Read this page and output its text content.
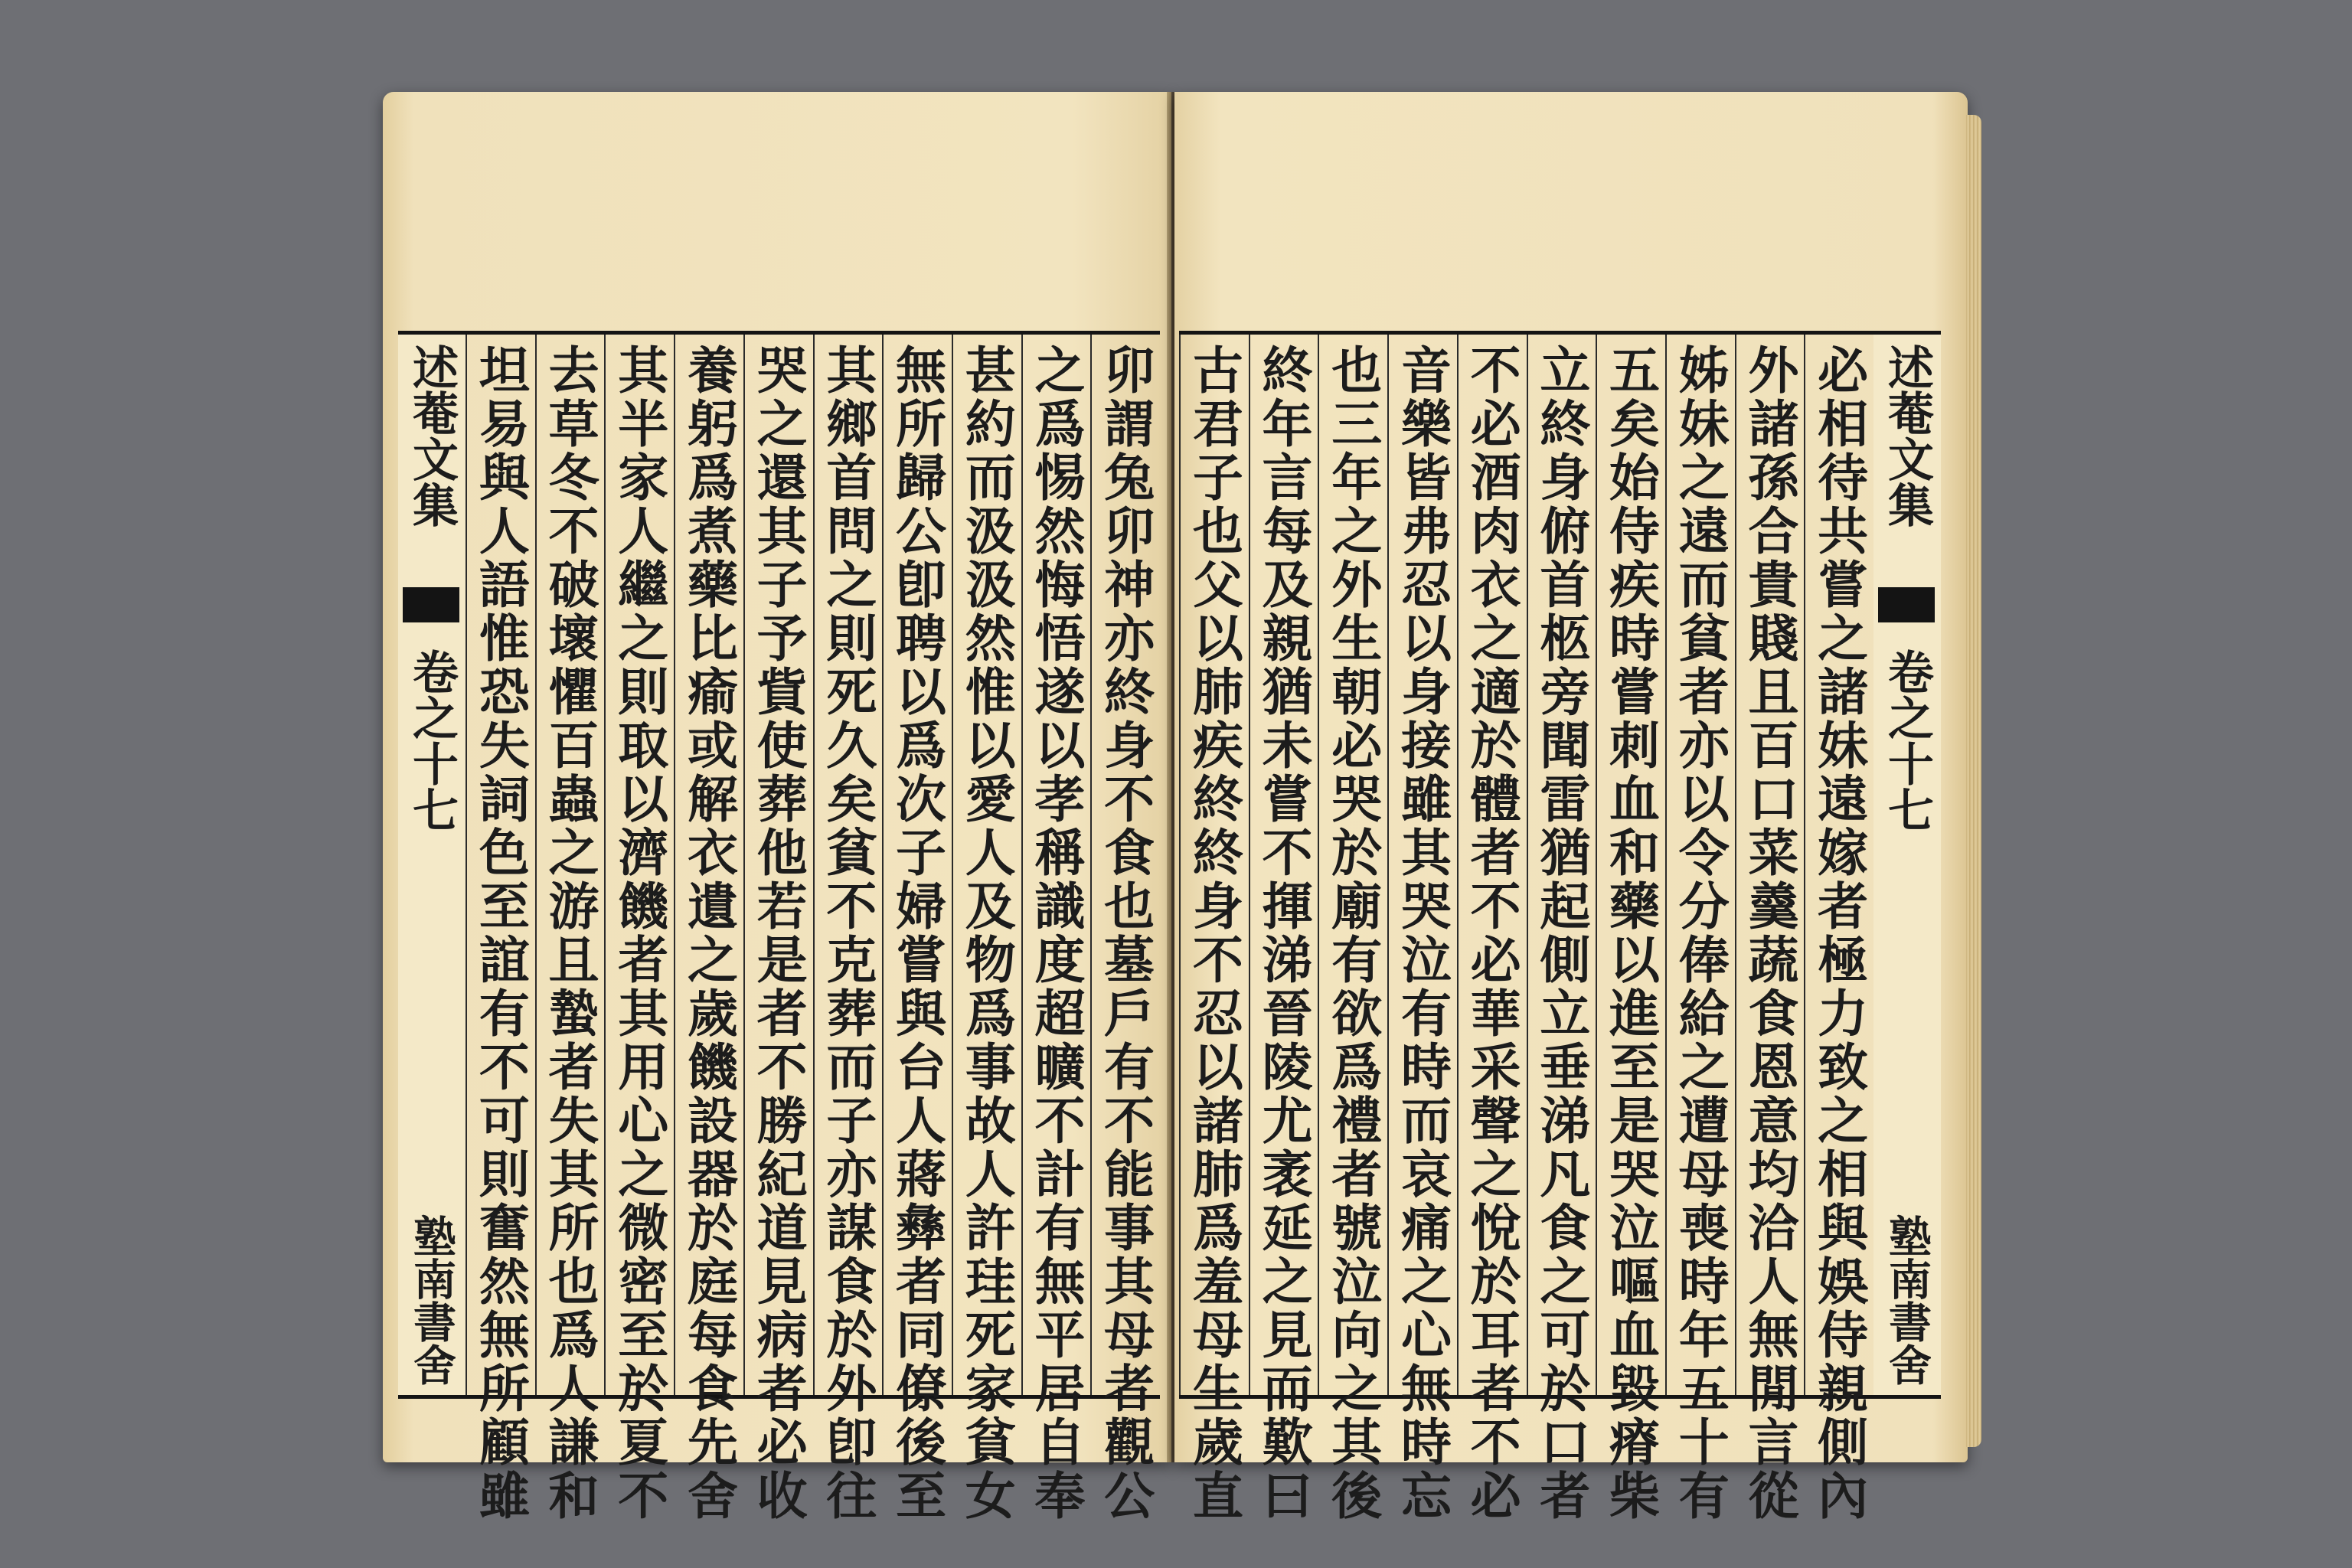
述菴文集
卷之十七
塾南書舍	卯謂兔卯神亦終身不食也墓戶有不能事其母者觀公
之爲惕然悔悟遂以孝稱識度超曠不計有無平居自奉
甚約而汲汲然惟以愛人及物爲事故人許珪死家貧女
無所歸公卽聘以爲次子婦嘗與台人蔣彝者同僚後至
其鄉首問之則死久矣貧不克葬而子亦謀食於外卽往
哭之還其子予貲使葬他若是者不勝紀道見病者必收
養躬爲煮藥比瘉或解衣遺之歲饑設器於庭每食先舍
其半家人繼之則取以濟饑者其用心之微密至於夏不
去草冬不破壞懼百蟲之游且蟄者失其所也爲人謙和
坦易與人語惟恐失詞色至誼有不可則奮然無所顧雖	述菴文集
卷之十七
塾南書舍
必相待共嘗之諸妹遠嫁者極力致之相與娛侍親側內
外諸孫合貴賤且百口菜羹蔬食恩意均洽人無閒言從
姊妹之遠而貧者亦以令分俸給之遭母喪時年五十有
五矣始侍疾時嘗刺血和藥以進至是哭泣嘔血毀瘠柴
立終身俯首柩旁聞雷猶起側立垂涕凡食之可於口者
不必酒肉衣之適於體者不必華采聲之悅於耳者不必
音樂皆弗忍以身接雖其哭泣有時而哀痛之心無時忘
也三年之外生朝必哭於廟有欲爲禮者號泣向之其後
終年言每及親猶未嘗不揮涕晉陵尤袤延之見而歎曰
古君子也父以肺疾終終身不忍以諸肺爲羞母生歲直
